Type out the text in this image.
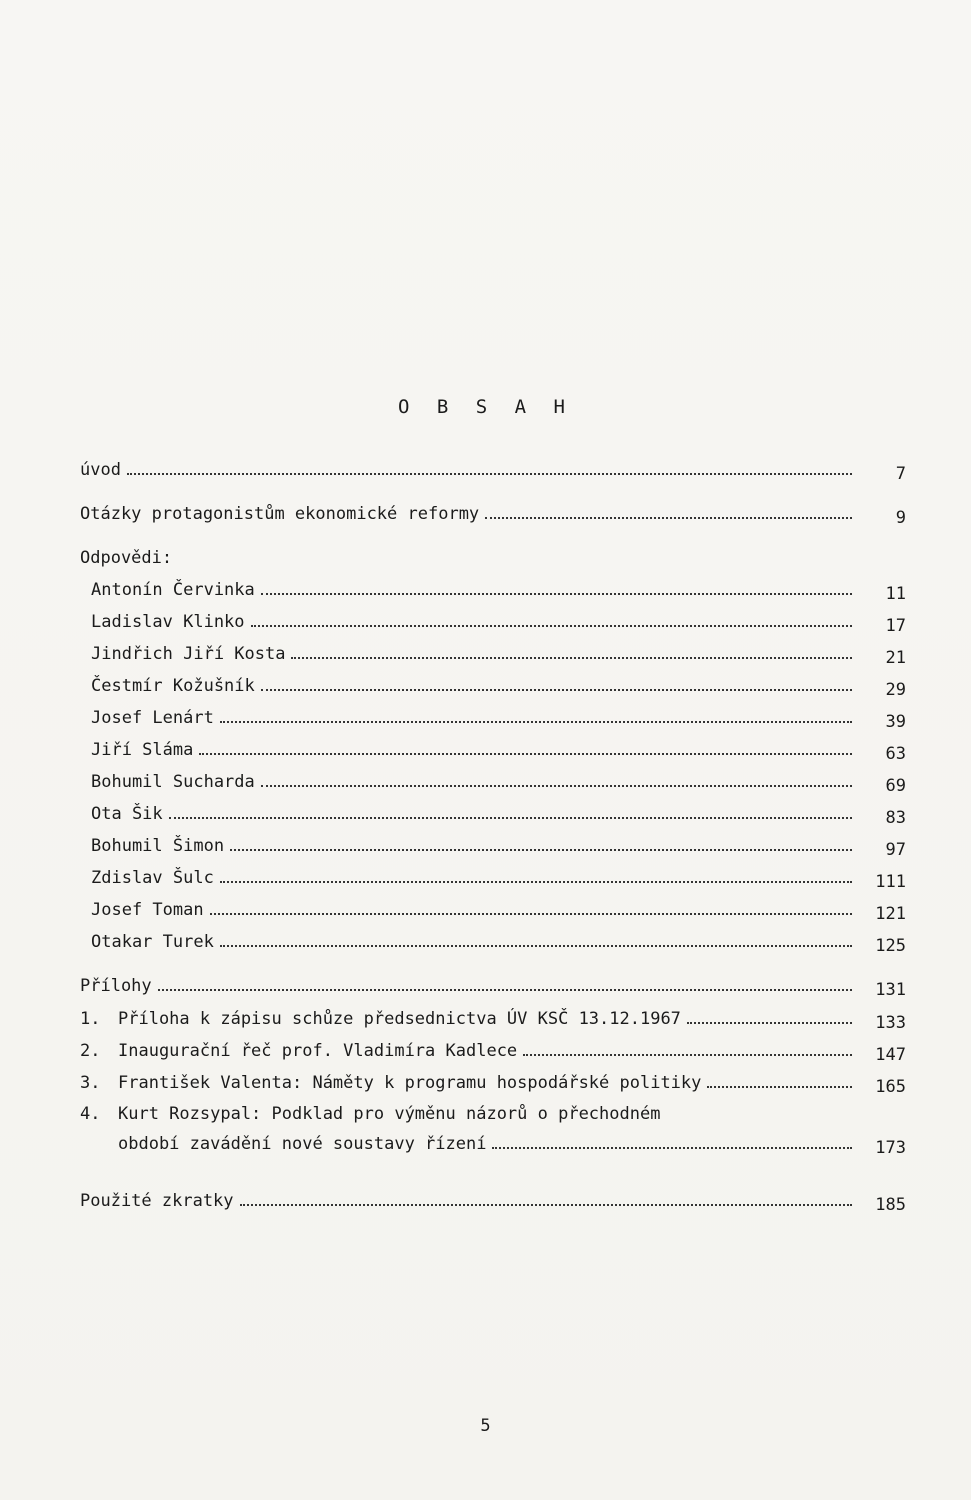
O B S A H
úvod	7
Otázky protagonistům ekonomické reformy	9
Odpovědi:
Antonín Červinka	11
Ladislav Klinko	17
Jindřich Jiří Kosta	21
Čestmír Kožušník	29
Josef Lenárt	39
Jiří Sláma	63
Bohumil Sucharda	69
Ota Šik	83
Bohumil Šimon	97
Zdislav Šulc	111
Josef Toman	121
Otakar Turek	125
Přílohy	131
1. Příloha k zápisu schůze předsednictva ÚV KSČ 13.12.1967	133
2. Inaugurační řeč prof. Vladimíra Kadlece	147
3. František Valenta: Náměty k programu hospodářské politiky	165
4. Kurt Rozsypal: Podklad pro výměnu názorů o přechodném
období zavádění nové soustavy řízení	173
Použité zkratky	185
5
